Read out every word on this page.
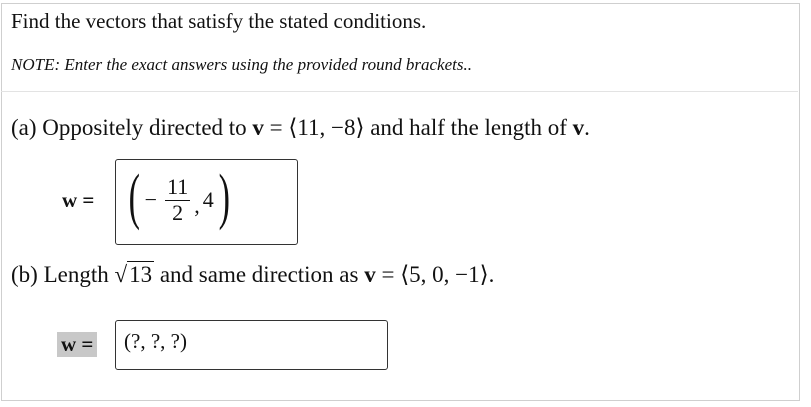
Find the vectors that satisfy the stated conditions.
NOTE: Enter the exact answers using the provided round brackets..
(a) Oppositely directed to v = ⟨11, −8⟩ and half the length of v.
w = ( − $\frac{11}{2}$ , 4 )
(b) Length √13 and same direction as v = ⟨5, 0, −1⟩.
w = (?, ?, ?)
